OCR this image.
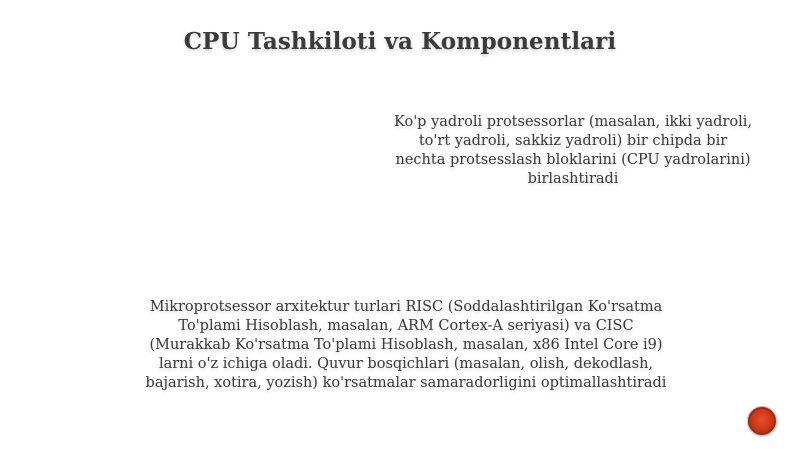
CPU Tashkiloti va Komponentlari
Ko'p yadroli protsessorlar (masalan, ikki yadroli,
to'rt yadroli, sakkiz yadroli) bir chipda bir
nechta protsesslash bloklarini (CPU yadrolarini)
birlashtiradi
Mikroprotsessor arxitektur turlari RISC (Soddalashtirilgan Ko'rsatma
To'plami Hisoblash, masalan, ARM Cortex-A seriyasi) va CISC
(Murakkab Ko'rsatma To'plami Hisoblash, masalan, x86 Intel Core i9)
larni o'z ichiga oladi. Quvur bosqichlari (masalan, olish, dekodlash,
bajarish, xotira, yozish) ko'rsatmalar samaradorligini optimallashtiradi
